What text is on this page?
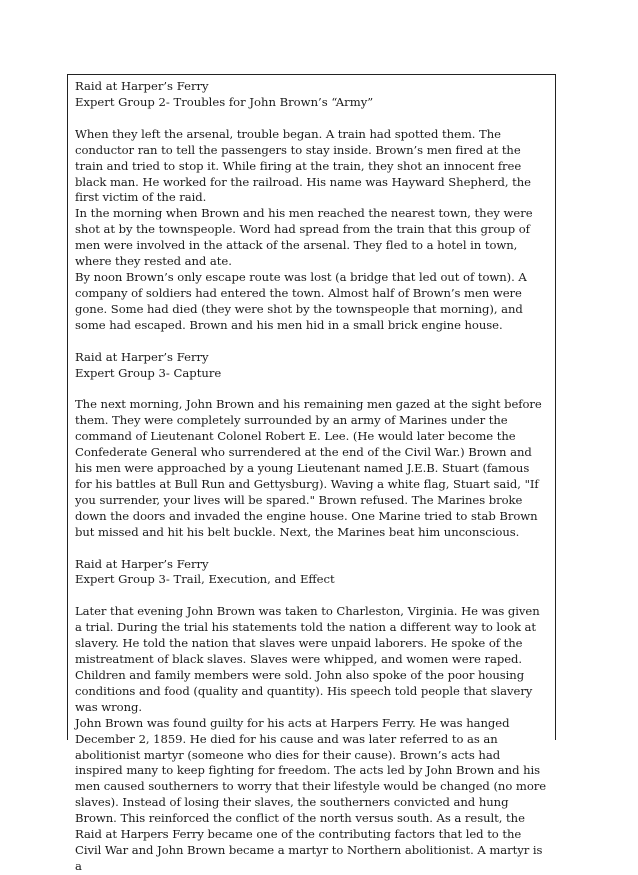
Raid at Harper’s Ferry
Expert Group 2- Troubles for John Brown’s “Army”

When they left the arsenal, trouble began. A train had spotted them. The conductor ran to tell the passengers to stay inside. Brown’s men fired at the train and tried to stop it. While firing at the train, they shot an innocent free black man. He worked for the railroad. His name was Hayward Shepherd, the first victim of the raid.

In the morning when Brown and his men reached the nearest town, they were shot at by the townspeople. Word had spread from the train that this group of men were involved in the attack of the arsenal. They fled to a hotel in town, where they rested and ate.

By noon Brown’s only escape route was lost (a bridge that led out of town). A company of soldiers had entered the town. Almost half of Brown’s men were gone. Some had died (they were shot by the townspeople that morning), and some had escaped. Brown and his men hid in a small brick engine house.

Raid at Harper’s Ferry
Expert Group 3- Capture

The next morning, John Brown and his remaining men gazed at the sight before them. They were completely surrounded by an army of Marines under the command of Lieutenant Colonel Robert E. Lee. (He would later become the Confederate General who surrendered at the end of the Civil War.) Brown and his men were approached by a young Lieutenant named J.E.B. Stuart (famous for his battles at Bull Run and Gettysburg). Waving a white flag, Stuart said, "If you surrender, your lives will be spared." Brown refused. The Marines broke down the doors and invaded the engine house. One Marine tried to stab Brown but missed and hit his belt buckle. Next, the Marines beat him unconscious.

Raid at Harper’s Ferry
Expert Group 3- Trail, Execution, and Effect

Later that evening John Brown was taken to Charleston, Virginia. He was given a trial. During the trial his statements told the nation a different way to look at slavery. He told the nation that slaves were unpaid laborers. He spoke of the mistreatment of black slaves. Slaves were whipped, and women were raped. Children and family members were sold. John also spoke of the poor housing conditions and food (quality and quantity). His speech told people that slavery was wrong.

John Brown was found guilty for his acts at Harpers Ferry. He was hanged December 2, 1859. He died for his cause and was later referred to as an abolitionist martyr (someone who dies for their cause). Brown’s acts had inspired many to keep fighting for freedom. The acts led by John Brown and his men caused southerners to worry that their lifestyle would be changed (no more slaves). Instead of losing their slaves, the southerners convicted and hung Brown. This reinforced the conflict of the north versus south. As a result, the Raid at Harpers Ferry became one of the contributing factors that led to the Civil War and John Brown became a martyr to Northern abolitionist. A martyr is a
